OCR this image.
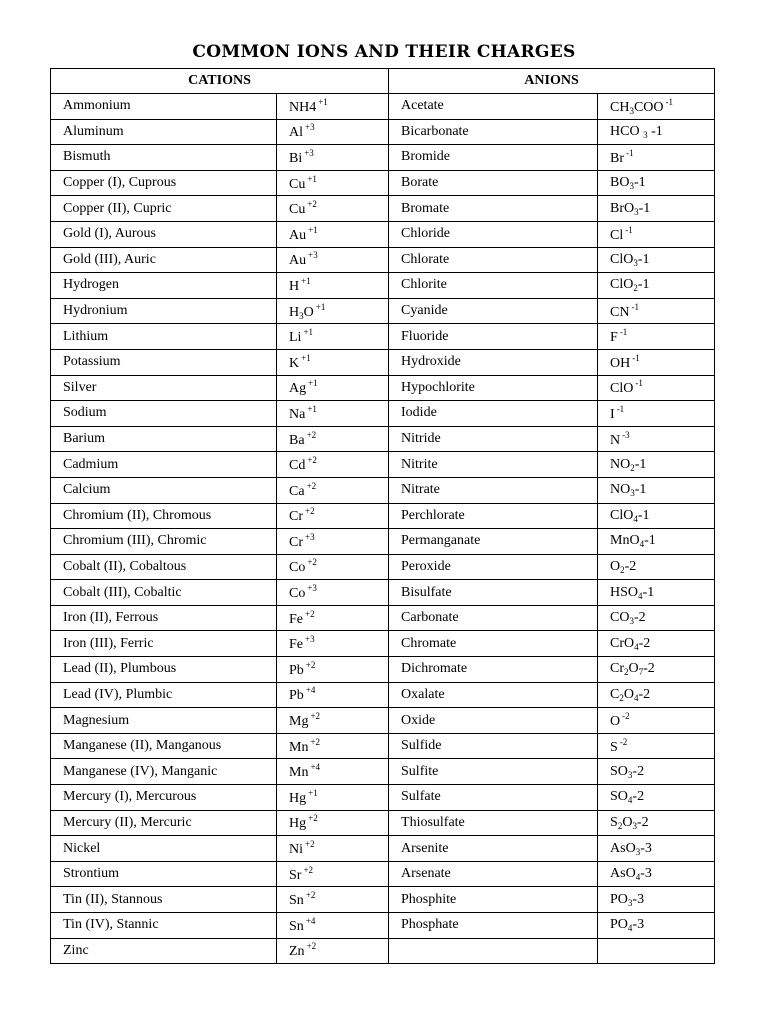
COMMON IONS AND THEIR CHARGES
CATIONS		ANIONS	
Ammonium	NH4 $^{+1}$	Acetate	$CH_3COO$ $^{-1}$
Aluminum	Al $^{+3}$	Bicarbonate	HCO $_3$ -1
Bismuth	Bi $^{+3}$	Bromide	Br $^{-1}$
Copper (I), Cuprous	Cu $^{+1}$	Borate	$BO_3-1$
Copper (II), Cupric	Cu $^{+2}$	Bromate	BrO$_3$-1
Gold (I), Aurous	Au $^{+1}$	Chloride	Cl $^{-1}$
Gold (III), Auric	Au $^{+3}$	Chlorate	ClO$_3$-1
Hydrogen	H $^{+1}$	Chlorite	ClO$_2$-1
Hydronium	$H_3O$ $^{+1}$	Cyanide	CN $^{-1}$
Lithium	Li $^{+1}$	Fluoride	F $^{-1}$
Potassium	K $^{+1}$	Hydroxide	OH $^{-1}$
Silver	Ag $^{+1}$	Hypochlorite	ClO $^{-1}$
Sodium	Na $^{+1}$	Iodide	I $^{-1}$
Barium	Ba $^{+2}$	Nitride	N $^{-3}$
Cadmium	Cd $^{+2}$	Nitrite	$NO_2-1$
Calcium	Ca $^{+2}$	Nitrate	$NO_3-1$
Chromium (II), Chromous	Cr $^{+2}$	Perchlorate	ClO$_4$-1
Chromium (III), Chromic	Cr $^{+3}$	Permanganate	MnO$_4$-1
Cobalt (II), Cobaltous	Co $^{+2}$	Peroxide	$O_2-2$
Cobalt (III), Cobaltic	Co $^{+3}$	Bisulfate	$HSO_4-1$
Iron (II), Ferrous	Fe $^{+2}$	Carbonate	$CO_3-2$
Iron (III), Ferric	Fe $^{+3}$	Chromate	CrO$_4$-2
Lead (II), Plumbous	Pb $^{+2}$	Dichromate	$Cr_2O_7-2$
Lead (IV), Plumbic	Pb $^{+4}$	Oxalate	$C_2O_4-2$
Magnesium	Mg $^{+2}$	Oxide	O $^{-2}$
Manganese (II), Manganous	Mn $^{+2}$	Sulfide	S $^{-2}$
Manganese (IV), Manganic	Mn $^{+4}$	Sulfite	$SO_3-2$
Mercury (I), Mercurous	Hg $^{+1}$	Sulfate	$SO_4-2$
Mercury (II), Mercuric	Hg $^{+2}$	Thiosulfate	$S_2O_3-2$
Nickel	Ni $^{+2}$	Arsenite	AsO$_3$-3
Strontium	Sr $^{+2}$	Arsenate	AsO$_4$-3
Tin (II), Stannous	Sn $^{+2}$	Phosphite	$PO_3-3$
Tin (IV), Stannic	Sn $^{+4}$	Phosphate	$PO_4-3$
Zinc	Zn $^{+2}$		
